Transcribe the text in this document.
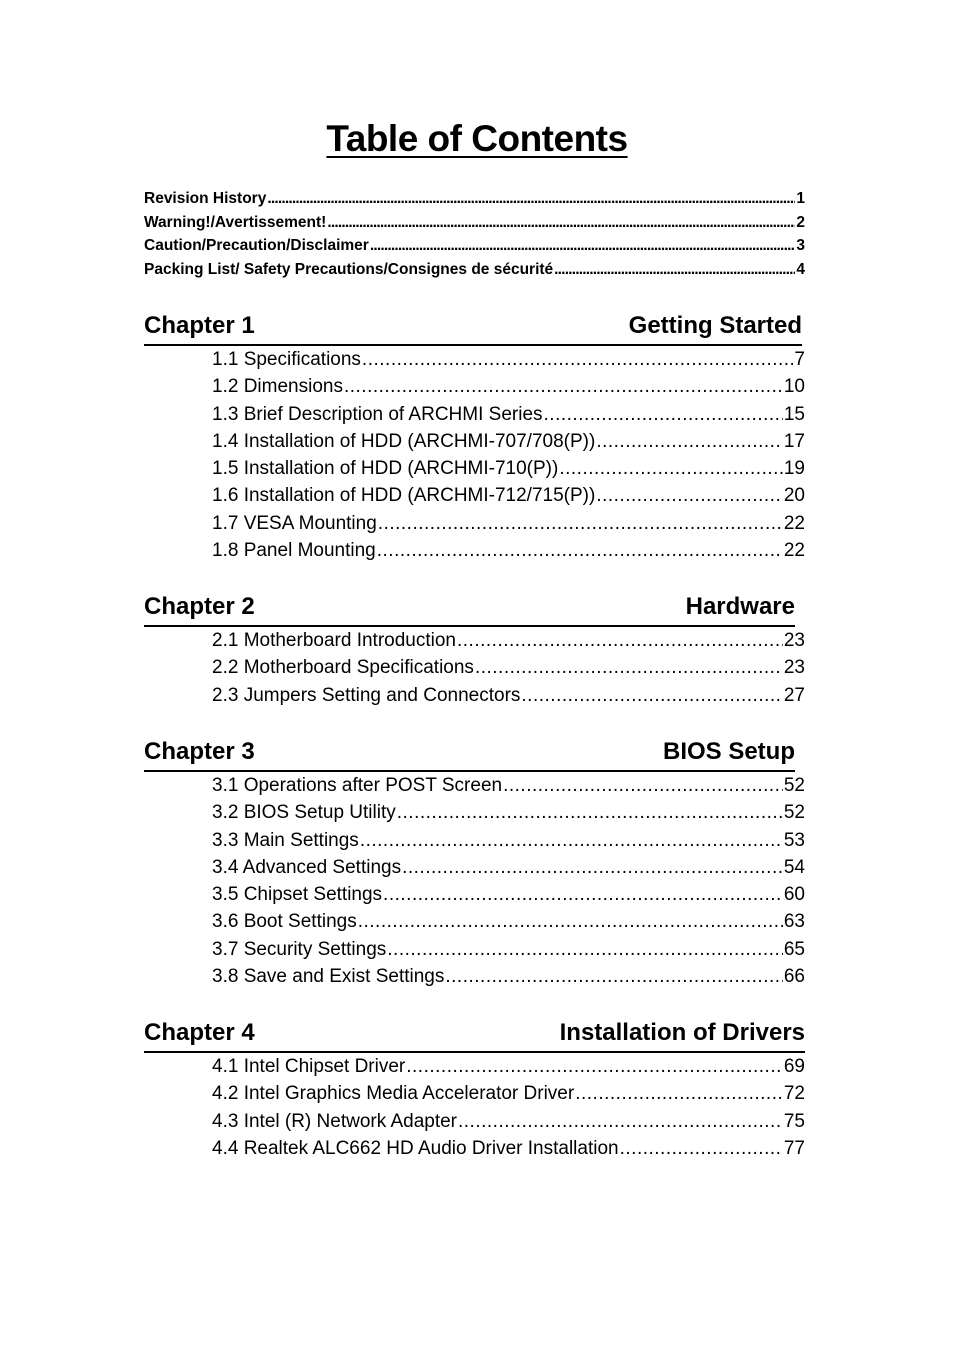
Table of Contents
Revision History .....	1
Warning!/Avertissement! .....	2
Caution/Precaution/Disclaimer .....	3
Packing List/ Safety Precautions/Consignes de sécurité .....	4
Chapter 1	Getting Started
1.1 Specifications .....	7
1.2 Dimensions .....	10
1.3 Brief Description of ARCHMI Series .....	15
1.4 Installation of HDD (ARCHMI-707/708(P)) .....	17
1.5 Installation of HDD (ARCHMI-710(P)) .....	19
1.6 Installation of HDD (ARCHMI-712/715(P)) .....	20
1.7 VESA Mounting .....	22
1.8 Panel Mounting .....	22
Chapter 2	Hardware
2.1 Motherboard Introduction .....	23
2.2 Motherboard Specifications .....	23
2.3 Jumpers Setting and Connectors .....	27
Chapter 3	BIOS Setup
3.1 Operations after POST Screen .....	52
3.2 BIOS Setup Utility .....	52
3.3 Main Settings .....	53
3.4 Advanced Settings .....	54
3.5 Chipset Settings .....	60
3.6 Boot Settings .....	63
3.7 Security Settings .....	65
3.8 Save and Exist Settings .....	66
Chapter 4	Installation of Drivers
4.1 Intel Chipset Driver .....	69
4.2 Intel Graphics Media Accelerator Driver .....	72
4.3 Intel (R) Network Adapter .....	75
4.4 Realtek ALC662 HD Audio Driver Installation .....	77
